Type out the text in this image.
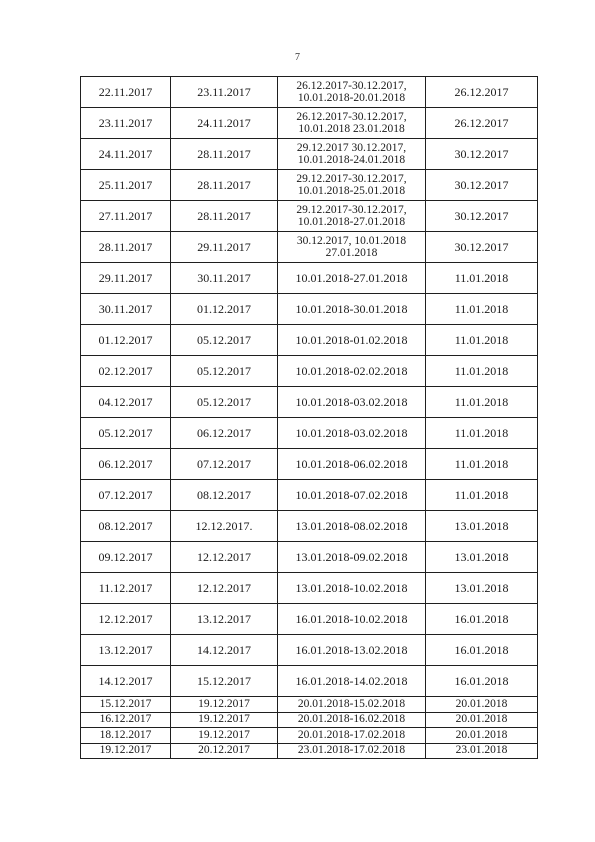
7
22.11.2017	23.11.2017	26.12.2017-30.12.2017,
10.01.2018-20.01.2018	26.12.2017
23.11.2017	24.11.2017	26.12.2017-30.12.2017,
10.01.2018 23.01.2018	26.12.2017
24.11.2017	28.11.2017	29.12.2017 30.12.2017,
10.01.2018-24.01.2018	30.12.2017
25.11.2017	28.11.2017	29.12.2017-30.12.2017,
10.01.2018-25.01.2018	30.12.2017
27.11.2017	28.11.2017	29.12.2017-30.12.2017,
10.01.2018-27.01.2018	30.12.2017
28.11.2017	29.11.2017	30.12.2017, 10.01.2018
27.01.2018	30.12.2017
29.11.2017	30.11.2017	10.01.2018-27.01.2018	11.01.2018
30.11.2017	01.12.2017	10.01.2018-30.01.2018	11.01.2018
01.12.2017	05.12.2017	10.01.2018-01.02.2018	11.01.2018
02.12.2017	05.12.2017	10.01.2018-02.02.2018	11.01.2018
04.12.2017	05.12.2017	10.01.2018-03.02.2018	11.01.2018
05.12.2017	06.12.2017	10.01.2018-03.02.2018	11.01.2018
06.12.2017	07.12.2017	10.01.2018-06.02.2018	11.01.2018
07.12.2017	08.12.2017	10.01.2018-07.02.2018	11.01.2018
08.12.2017	12.12.2017.	13.01.2018-08.02.2018	13.01.2018
09.12.2017	12.12.2017	13.01.2018-09.02.2018	13.01.2018
11.12.2017	12.12.2017	13.01.2018-10.02.2018	13.01.2018
12.12.2017	13.12.2017	16.01.2018-10.02.2018	16.01.2018
13.12.2017	14.12.2017	16.01.2018-13.02.2018	16.01.2018
14.12.2017	15.12.2017	16.01.2018-14.02.2018	16.01.2018
15.12.2017	19.12.2017	20.01.2018-15.02.2018	20.01.2018
16.12.2017	19.12.2017	20.01.2018-16.02.2018	20.01.2018
18.12.2017	19.12.2017	20.01.2018-17.02.2018	20.01.2018
19.12.2017	20.12.2017	23.01.2018-17.02.2018	23.01.2018
